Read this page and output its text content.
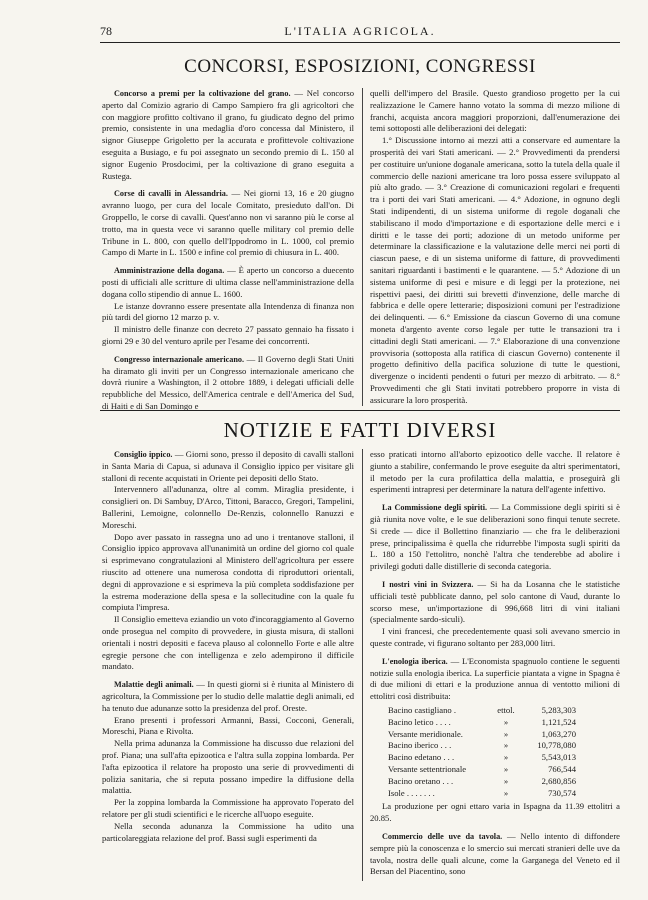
78	L'ITALIA AGRICOLA.
CONCORSI, ESPOSIZIONI, CONGRESSI

Concorso a premi per la coltivazione del grano. — Nel concorso aperto dal Comizio agrario di Campo Sampiero fra gli agricoltori che con maggiore profitto coltivano il grano, fu giudicato degno del primo premio, consistente in una medaglia d'oro concessa dal Ministero, il signor Giuseppe Grigoletto per la accurata e profittevole coltivazione eseguita a Busiago, e fu poi assegnato un secondo premio di L. 150 al signor Eugenio Prosdocimi, per la coltivazione di grano eseguita a Rustega.

Corse di cavalli in Alessandria. — Nei giorni 13, 16 e 20 giugno avranno luogo, per cura del locale Comitato, presieduto dall'on. Di Groppello, le corse di cavalli. Quest'anno non vi saranno più le corse al trotto, ma in questa vece vi saranno quelle military col premio delle Tribune in L. 800, con quello dell'Ippodromo in L. 1000, col premio Campo di Marte in L. 1500 e infine col premio di chiusura in L. 400.

Amministrazione della dogana. — È aperto un concorso a duecento posti di ufficiali alle scritture di ultima classe nell'amministrazione della dogana collo stipendio di annue L. 1600.

Le istanze dovranno essere presentate alla Intendenza di finanza non più tardi del giorno 12 marzo p. v.

Il ministro delle finanze con decreto 27 passato gennaio ha fissato i giorni 29 e 30 del venturo aprile per l'esame dei concorrenti.

Congresso internazionale americano. — Il Governo degli Stati Uniti ha diramato gli inviti per un Congresso internazionale americano che dovrà riunire a Washington, il 2 ottobre 1889, i delegati ufficiali delle repubbliche del Messico, dell'America centrale e dell'America del Sud, di Haiti e di San Domingo e

quelli dell'impero del Brasile. Questo grandioso progetto per la cui realizzazione le Camere hanno votato la somma di mezzo milione di franchi, acquista ancora maggiori proporzioni, dall'enumerazione dei temi sottoposti alle deliberazioni dei delegati:

1.° Discussione intorno ai mezzi atti a conservare ed aumentare la prosperità dei vari Stati americani. — 2.° Provvedimenti da prendersi per costituire un'unione doganale americana, sotto la tutela della quale il commercio delle nazioni americane tra loro possa essere sviluppato al più alto grado. — 3.° Creazione di comunicazioni regolari e frequenti tra i porti dei vari Stati americani. — 4.° Adozione, in ognuno degli Stati indipendenti, di un sistema uniforme di regole doganali che stabiliscano il modo d'importazione e di esportazione delle merci e i diritti e le tasse dei porti; adozione di un metodo uniforme per determinare la classificazione e la valutazione delle merci nei porti di ciascun paese, e di un sistema uniforme di fatture, di provvedimenti sanitari riguardanti i bastimenti e le quarantene. — 5.° Adozione di un sistema uniforme di pesi e misure e di leggi per la protezione, nei rispettivi paesi, dei diritti sui brevetti d'invenzione, delle marche di fabbrica e delle opere letterarie; disposizioni comuni per l'estradizione dei delinquenti. — 6.° Emissione da ciascun Governo di una comune moneta d'argento avente corso legale per tutte le transazioni tra i cittadini degli Stati americani. — 7.° Elaborazione di una convenzione provvisoria (sottoposta alla ratifica di ciascun Governo) contenente il progetto definitivo della pacifica soluzione di tutte le questioni, divergenze o incidenti pendenti o futuri per mezzo di arbitrato. — 8.° Provvedimenti che gli Stati invitati potrebbero proporre in vista di assicurare la loro prosperità.

NOTIZIE E FATTI DIVERSI

Consiglio ippico. — Giorni sono, presso il deposito di cavalli stalloni in Santa Maria di Capua, si adunava il Consiglio ippico per visitare gli stalloni di recente acquistati in Oriente pei depositi dello Stato.

Intervennero all'adunanza, oltre al comm. Miraglia presidente, i consiglieri on. Di Sambuy, D'Arco, Tittoni, Baracco, Gregori, Tampelini, Ballerini, Lemoigne, colonnello De-Renzis, colonnello Ranuzzi e Moreschi.

Dopo aver passato in rassegna uno ad uno i trentanove stalloni, il Consiglio ippico approvava all'unanimità un ordine del giorno col quale si esprimevano congratulazioni al Ministero dell'agricoltura per essere riuscito ad ottenere una numerosa condotta di riproduttori orientali, degni di approvazione e si esprimeva la più completa soddisfazione per la estrema moderazione della spesa e la sollecitudine con la quale fu compiuta l'impresa.

Il Consiglio emetteva eziandio un voto d'incoraggiamento al Governo onde prosegua nel compito di provvedere, in giusta misura, di stalloni orientali i nostri depositi e faceva plauso al colonnello Forte e alle altre egregie persone che con intelligenza e zelo adempirono il difficile mandato.

Malattie degli animali. — In questi giorni si è riunita al Ministero di agricoltura, la Commissione per lo studio delle malattie degli animali, ed ha tenuto due adunanze sotto la presidenza del prof. Oreste.

Erano presenti i professori Armanni, Bassi, Cocconi, Generali, Moreschi, Piana e Rivolta.

Nella prima adunanza la Commissione ha discusso due relazioni del prof. Piana; una sull'afta epizootica e l'altra sulla zoppina lombarda. Per l'afta epizootica il relatore ha proposto una serie di provvedimenti di polizia sanitaria, che si reputa possano impedire la diffusione della malattia.

Per la zoppina lombarda la Commissione ha approvato l'operato del relatore per gli studi scientifici e le ricerche all'uopo eseguite.

Nella seconda adunanza la Commissione ha udito una particolareggiata relazione del prof. Bassi sugli esperimenti da

esso praticati intorno all'aborto epizootico delle vacche. Il relatore è giunto a stabilire, confermando le prove eseguite da altri sperimentatori, il metodo per la cura profilattica della malattia, e proseguirà gli esperimenti intrapresi per determinare la natura dell'agente infettivo.

La Commissione degli spiriti. — La Commissione degli spiriti si è già riunita nove volte, e le sue deliberazioni sono finqui tenute secrete. Si crede — dice il Bollettino finanziario — che fra le deliberazioni prese, principalissima è quella che ridurrebbe l'imposta sugli spiriti da L. 180 a 150 l'ettolitro, nonchè l'altra che tenderebbe ad abolire i privilegi goduti dalle distillerie di seconda categoria.

I nostri vini in Svizzera. — Si ha da Losanna che le statistiche ufficiali testè pubblicate danno, pel solo cantone di Vaud, durante lo scorso mese, un'importazione di 996,668 litri di vini italiani (specialmente sardo-siculi).

I vini francesi, che precedentemente quasi soli avevano smercio in queste contrade, vi figurano soltanto per 283,000 litri.

L'enologia iberica. — L'Economista spagnuolo contiene le seguenti notizie sulla enologia iberica. La superficie piantata a vigne in Spagna è di due milioni di ettari e la produzione annua di ventotto milioni di ettolitri così distribuita:

Bacino castigliano .	ettol.	5,283,303
Bacino letico . . . .	»	1,121,524
Versante meridionale.	»	1,063,270
Bacino iberico . . .	»	10,778,080
Bacino edetano . . .	»	5,543,013
Versante settentrionale	»	766,544
Bacino oretano . . .	»	2,680,856
Isole . . . . . . .	»	730,574

La produzione per ogni ettaro varia in Ispagna da 11.39 ettolitri a 20.85.

Commercio delle uve da tavola. — Nello intento di diffondere sempre più la conoscenza e lo smercio sui mercati stranieri delle uve da tavola, nostra delle quali alcune, come la Garganega del Veneto ed il Bersan del Piacentino, sono
